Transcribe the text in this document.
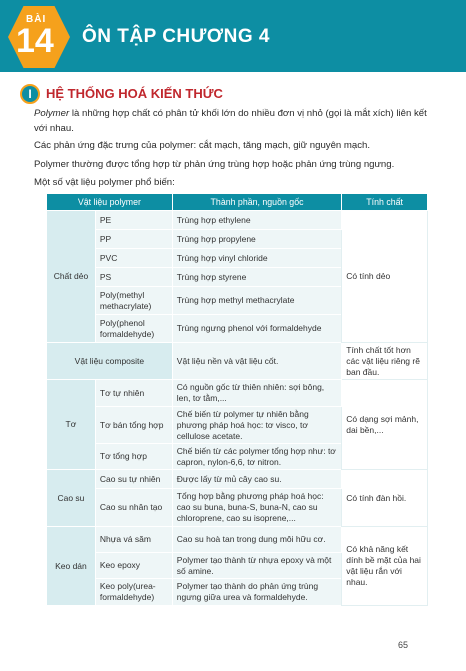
BÀI
14 ÔN TẬP CHƯƠNG 4
I	HỆ THỐNG HOÁ KIẾN THỨC
Polymer là những hợp chất có phân tử khối lớn do nhiều đơn vị nhỏ (gọi là mắt xích) liên kết với nhau.
Các phản ứng đặc trưng của polymer: cắt mạch, tăng mạch, giữ nguyên mạch.
Polymer thường được tổng hợp từ phản ứng trùng hợp hoặc phản ứng trùng ngưng.
Một số vật liệu polymer phổ biến:
Vật liệu polymer		Thành phần, nguồn gốc	Tính chất
Chất dẻo	PE	Trùng hợp ethylene	Có tính dẻo
	PP	Trùng hợp propylene	
	PVC	Trùng hợp vinyl chloride	
	PS	Trùng hợp styrene	
	Poly(methyl methacrylate)	Trùng hợp methyl methacrylate	
	Poly(phenol formaldehyde)	Trùng ngưng phenol với formaldehyde	
Vật liệu composite		Vật liệu nền và vật liệu cốt.	Tính chất tốt hơn các vật liệu riêng rẽ ban đầu.
Tơ	Tơ tự nhiên	Có nguồn gốc từ thiên nhiên: sợi bông, len, tơ tằm,...	Có dạng sợi mảnh, dai bền,...
	Tơ bán tổng hợp	Chế biến từ polymer tự nhiên bằng phương pháp hoá học: tơ visco, tơ cellulose acetate.	
	Tơ tổng hợp	Chế biến từ các polymer tổng hợp như: tơ capron, nylon-6,6, tơ nitron.	
Cao su	Cao su tự nhiên	Được lấy từ mủ cây cao su.	Có tính đàn hồi.
	Cao su nhân tạo	Tổng hợp bằng phương pháp hoá học: cao su buna, buna-S, buna-N, cao su chloroprene, cao su isoprene,...	
Keo dán	Nhựa vá săm	Cao su hoà tan trong dung môi hữu cơ.	Có khả năng kết dính bề mặt của hai vật liệu rắn với nhau.
	Keo epoxy	Polymer tạo thành từ nhựa epoxy và một số amine.	
	Keo poly(urea-formaldehyde)	Polymer tạo thành do phản ứng trùng ngưng giữa urea và formaldehyde.	
65
